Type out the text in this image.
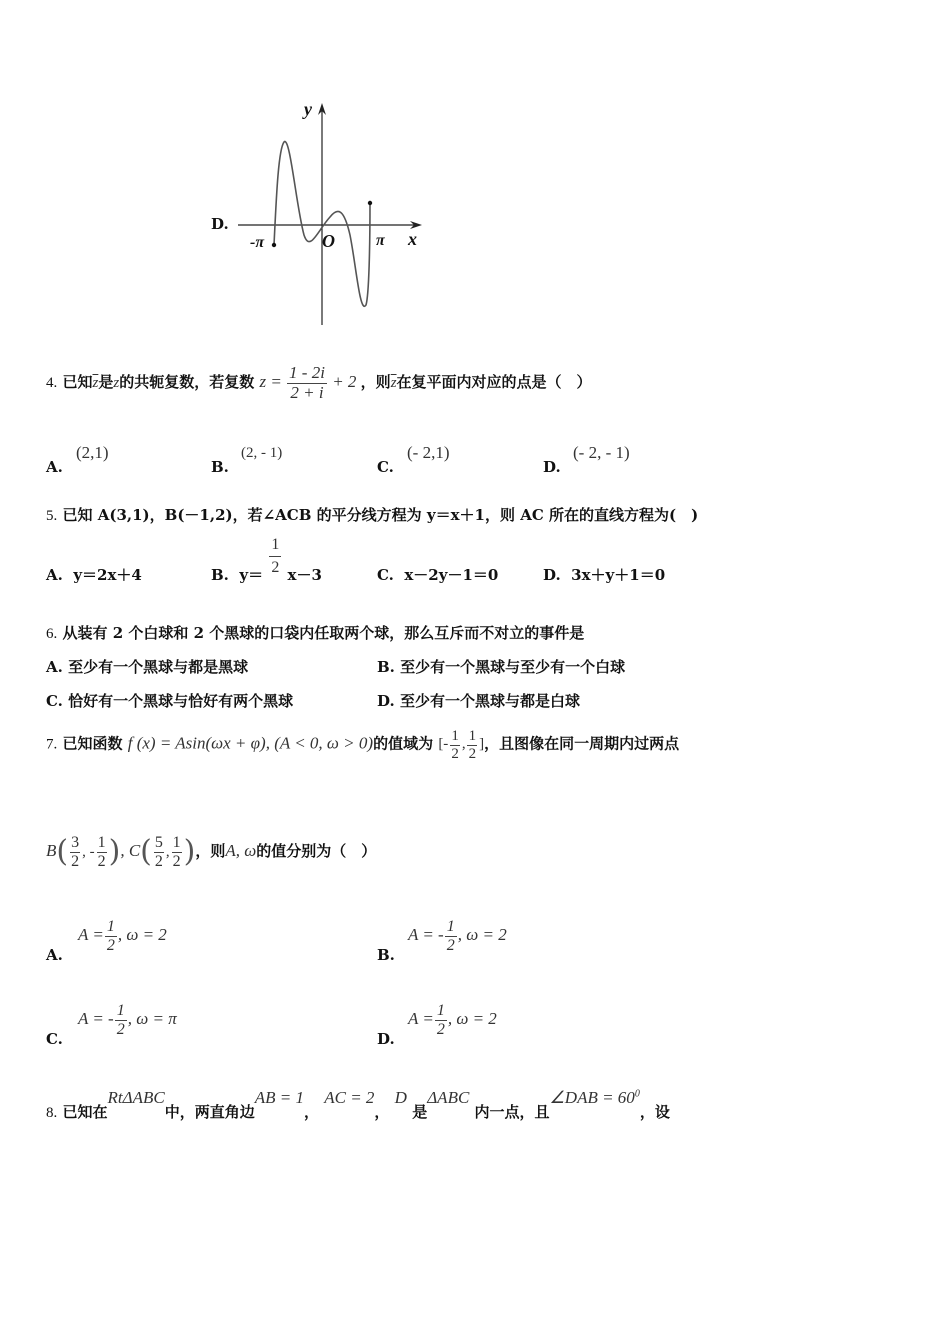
D.
y
x
O
-π	π
4. 已知$\overline{z}$是z的共轭复数，若复数 $z = \frac{1 - 2i}{2 + i} + 2$ ，则$\overline{z}$在复平面内对应的点是（　）
A.
(2,1)
B.
(2, - 1)
C.
(- 2,1)
D.
(- 2, - 1)
5. 已知 A(3,1)，B(－1,2)，若∠ACB 的平分线方程为 y＝x＋1，则 AC 所在的直线方程为(　)
A. y＝2x＋4	B. $y= \frac{1}{2} x-3$	C. x－2y－1＝0	D. 3x＋y＋1＝0
6. 从装有 2 个白球和 2 个黑球的口袋内任取两个球，那么互斥而不对立的事件是
A. 至少有一个黑球与都是黑球	B. 至少有一个黑球与至少有一个白球
C. 恰好有一个黑球与恰好有两个黑球	D. 至少有一个黑球与都是白球
7. 已知函数 f (x) = Asin(ωx + φ), (A < 0, ω > 0)的值域为 [- $\frac{1}{2}$ , $\frac{1}{2}$ ]，且图像在同一周期内过两点
$B( \frac{3}{2}$ , - $\frac{1}{2}$ ), $C( \frac{5}{2}$ , $\frac{1}{2}$ )，则A, ω的值分别为（　）
A.
$A = \frac{1}{2}$ , ω = 2
B.
A = - $\frac{1}{2}$ , ω = 2
C.
A = - $\frac{1}{2}$ , ω = π
D.
$A = \frac{1}{2}$ , ω = 2
8. 已知在RtΔABC中，两直角边AB = 1， AC = 2， D 是ΔABC 内一点，且∠DAB = $60^0$，设
